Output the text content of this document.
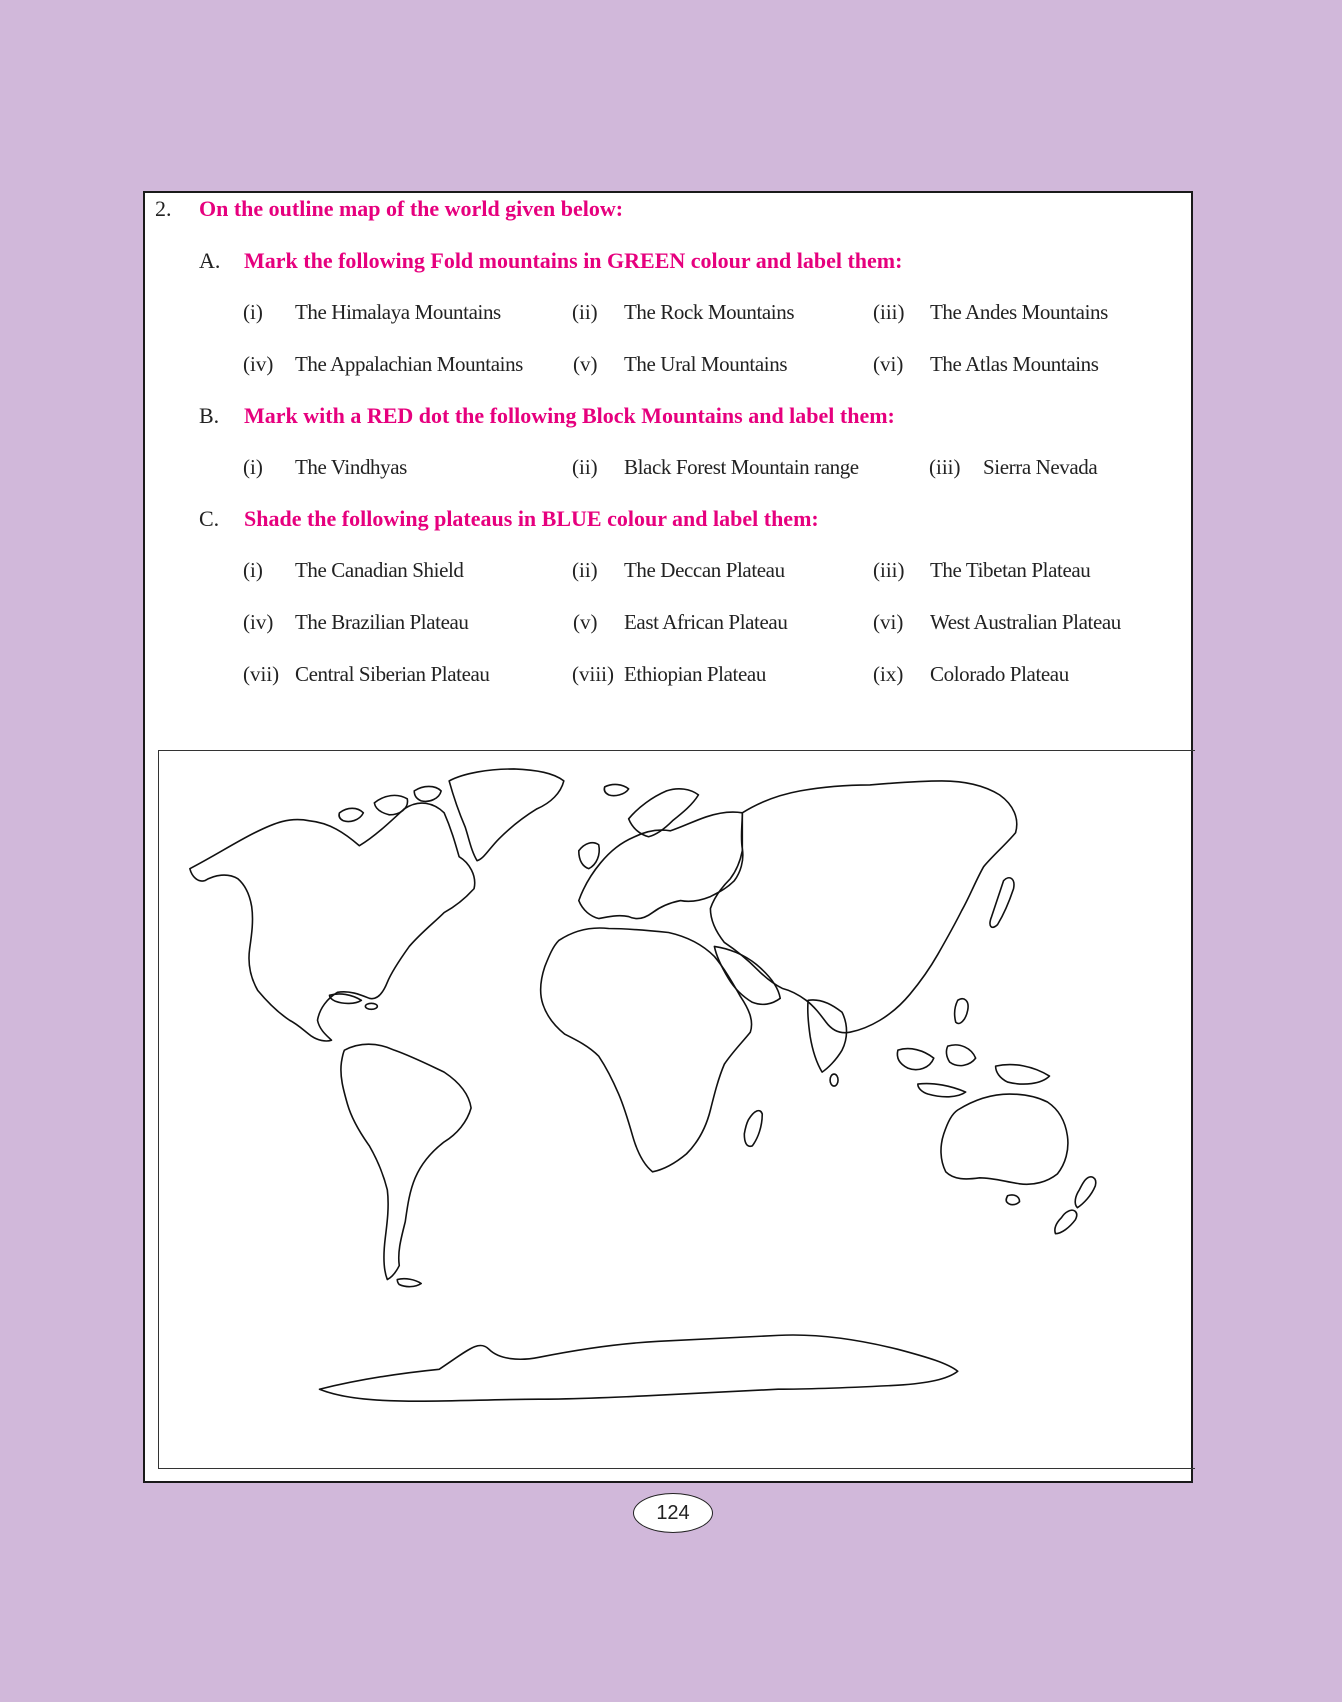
2. On the outline map of the world given below:
A. Mark the following Fold mountains in GREEN colour and label them:
(i) The Himalaya Mountains	(ii) The Rock Mountains	(iii) The Andes Mountains
(iv) The Appalachian Mountains (v) The Ural Mountains	(vi) The Atlas Mountains
B. Mark with a RED dot the following Block Mountains and label them:
(i) The Vindhyas	(ii) Black Forest Mountain range	(iii) Sierra Nevada
C. Shade the following plateaus in BLUE colour and label them:
(i) The Canadian Shield	(ii) The Deccan Plateau	(iii) The Tibetan Plateau
(iv) The Brazilian Plateau	(v) East African Plateau	(vi) West Australian Plateau
(vii) Central Siberian Plateau	(viii) Ethiopian Plateau	(ix) Colorado Plateau
124
